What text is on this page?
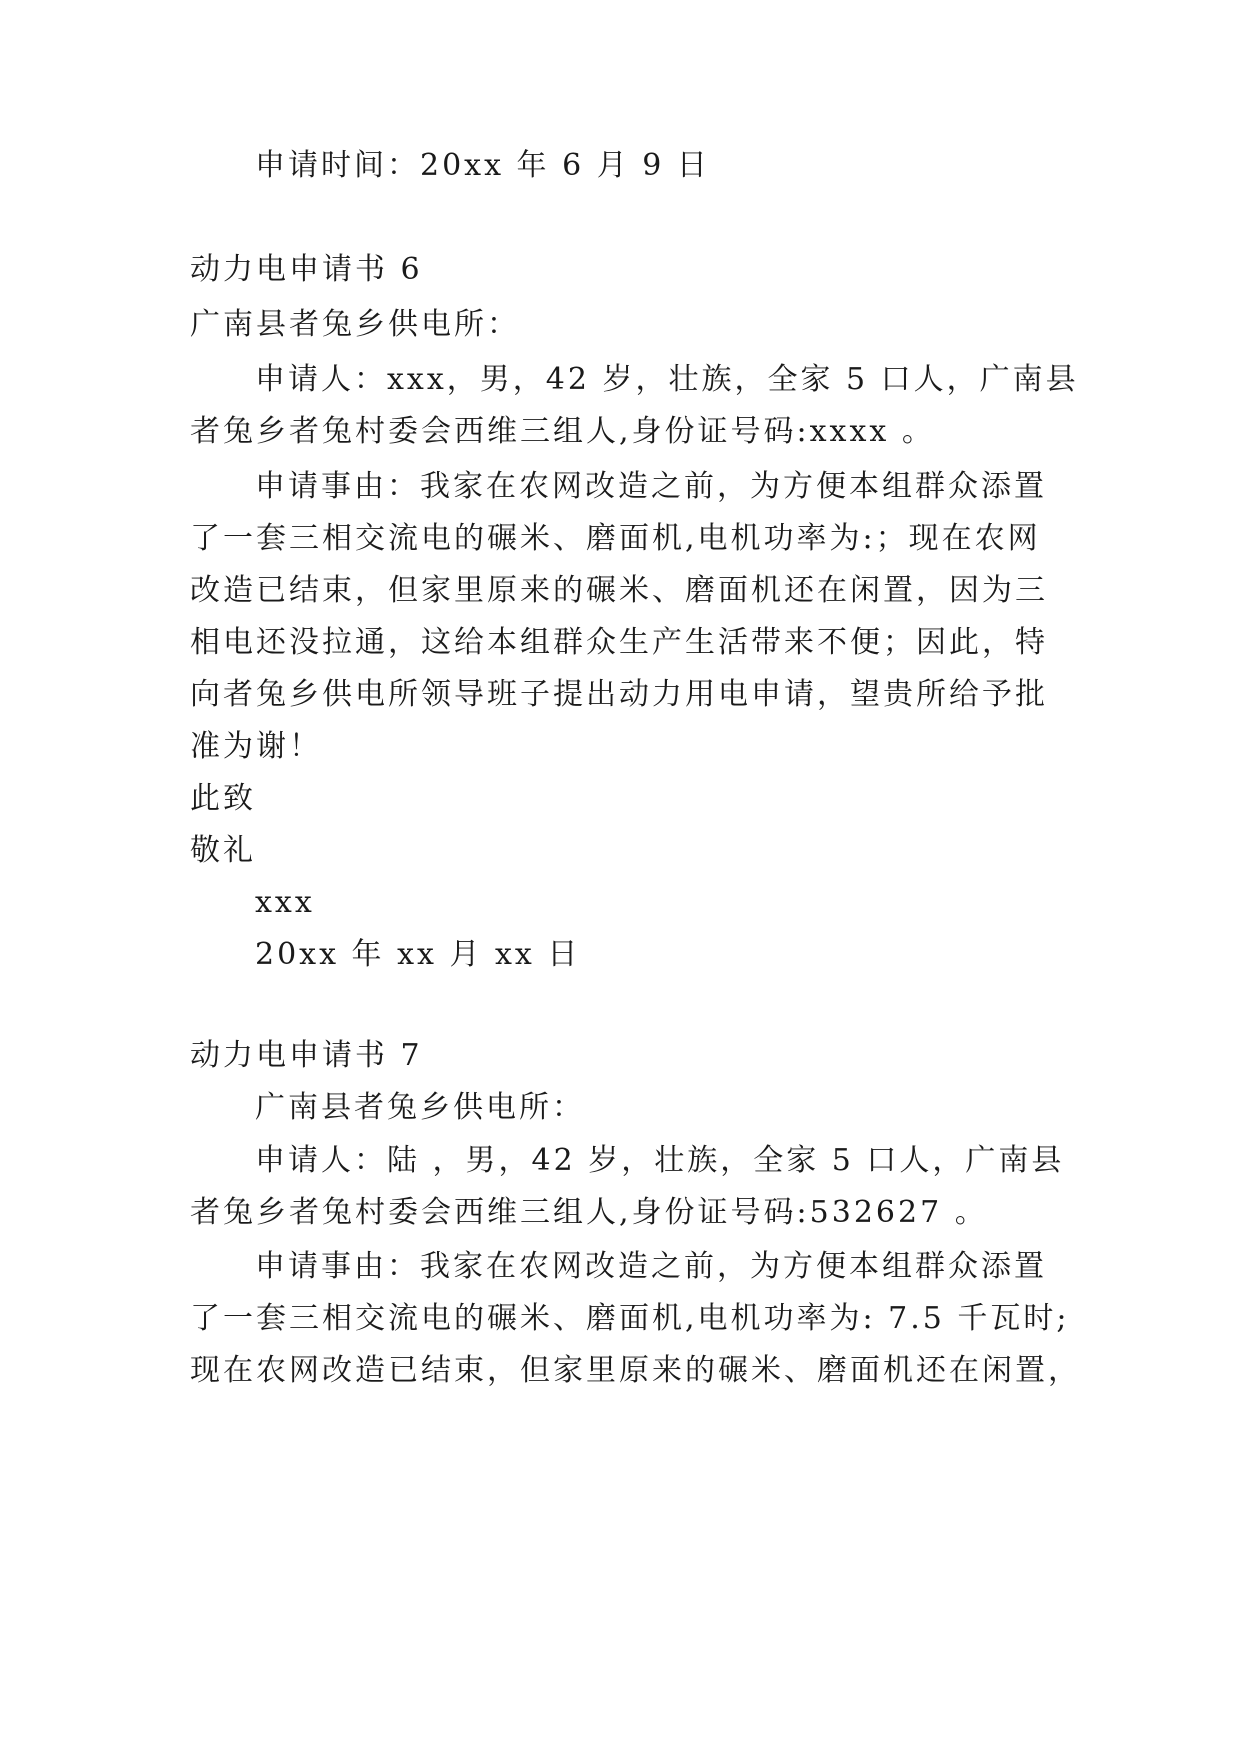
申请时间：20xx 年 6 月 9 日
动力电申请书 6
广南县者兔乡供电所：
申请人：xxx，男，42 岁，壮族，全家 5 口人，广南县
者兔乡者兔村委会西维三组人,身份证号码:xxxx 。
申请事由：我家在农网改造之前，为方便本组群众添置
了一套三相交流电的碾米、磨面机,电机功率为:；现在农网
改造已结束，但家里原来的碾米、磨面机还在闲置，因为三
相电还没拉通，这给本组群众生产生活带来不便；因此，特
向者兔乡供电所领导班子提出动力用电申请，望贵所给予批
准为谢！
此致
敬礼
xxx
20xx 年 xx 月 xx 日
动力电申请书 7
广南县者兔乡供电所：
申请人：陆 ，男，42 岁，壮族，全家 5 口人，广南县
者兔乡者兔村委会西维三组人,身份证号码:532627 。
申请事由：我家在农网改造之前，为方便本组群众添置
了一套三相交流电的碾米、磨面机,电机功率为: 7.5 千瓦时;
现在农网改造已结束，但家里原来的碾米、磨面机还在闲置，
